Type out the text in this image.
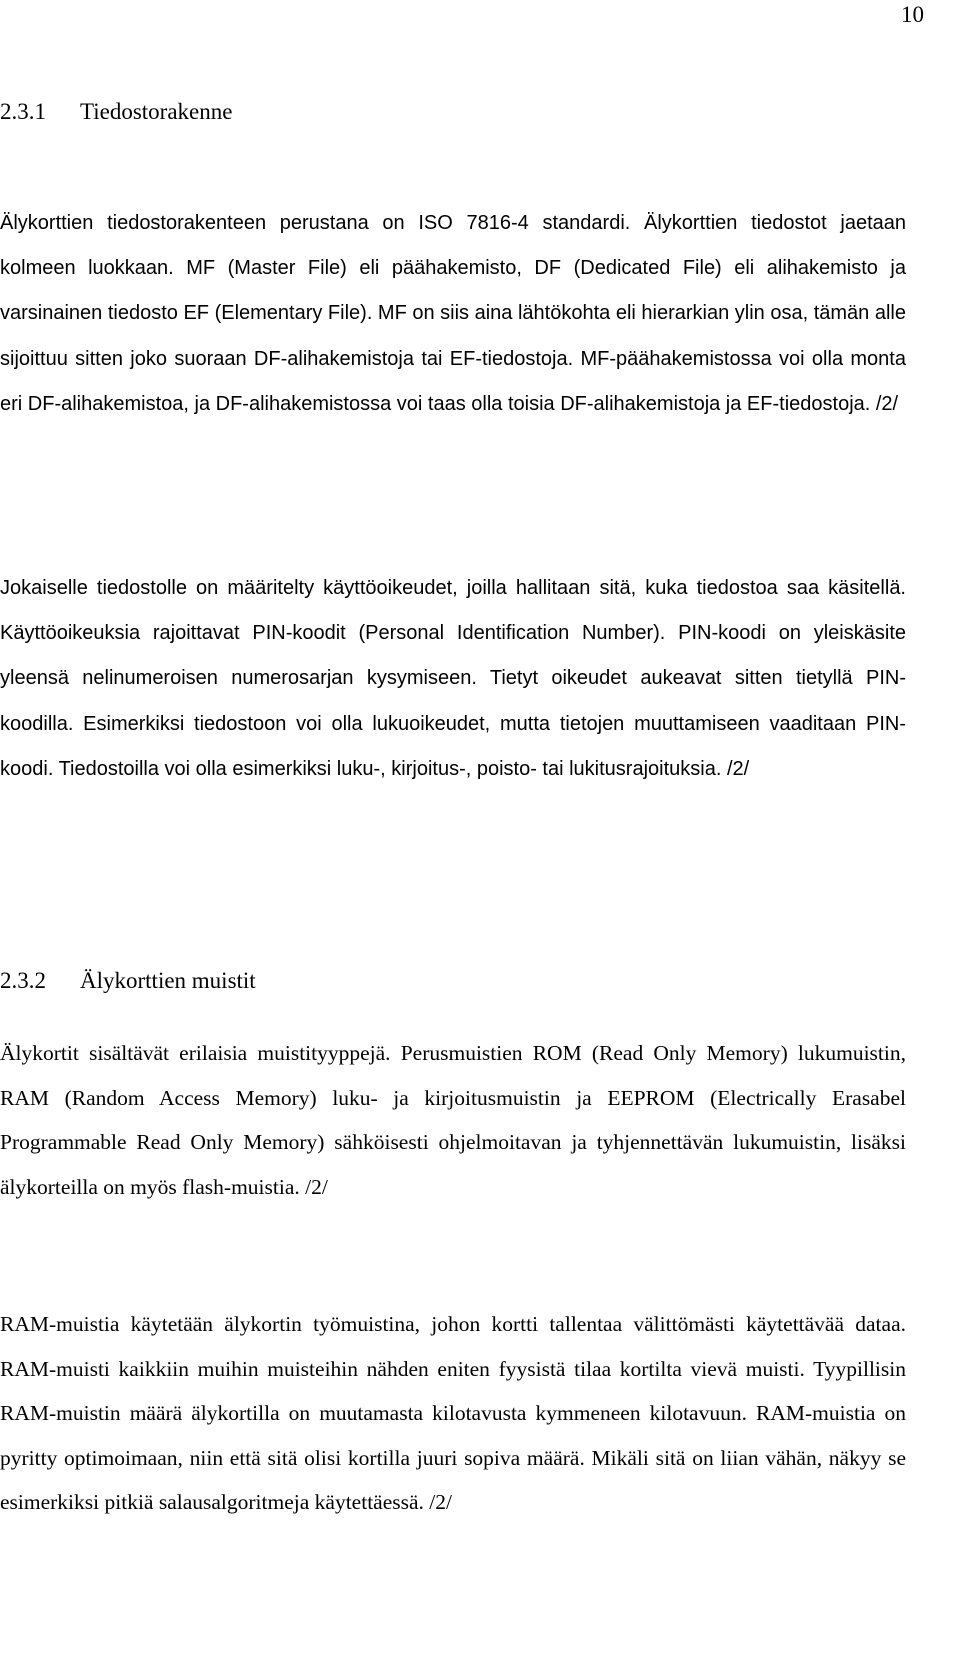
10

2.3.1 Tiedostorakenne

Älykorttien tiedostorakenteen perustana on ISO 7816-4 standardi. Älykorttien tiedostot jaetaan kolmeen luokkaan. MF (Master File) eli päähakemisto, DF (Dedicated File) eli alihakemisto ja varsinainen tiedosto EF (Elementary File). MF on siis aina lähtökohta eli hierarkian ylin osa, tämän alle sijoittuu sitten joko suoraan DF-alihakemistoja tai EF-tiedostoja. MF-päähakemistossa voi olla monta eri DF-alihakemistoa, ja DF-alihakemistossa voi taas olla toisia DF-alihakemistoja ja EF-tiedostoja. /2/

Jokaiselle tiedostolle on määritelty käyttöoikeudet, joilla hallitaan sitä, kuka tiedostoa saa käsitellä. Käyttöoikeuksia rajoittavat PIN-koodit (Personal Identification Number). PIN-koodi on yleiskäsite yleensä nelinumeroisen numerosarjan kysymiseen. Tietyt oikeudet aukeavat sitten tietyllä PIN-koodilla. Esimerkiksi tiedostoon voi olla lukuoikeudet, mutta tietojen muuttamiseen vaaditaan PIN-koodi. Tiedostoilla voi olla esimerkiksi luku-, kirjoitus-, poisto- tai lukitusrajoituksia. /2/

2.3.2 Älykorttien muistit

Älykortit sisältävät erilaisia muistityyppejä. Perusmuistien ROM (Read Only Memory) lukumuistin, RAM (Random Access Memory) luku- ja kirjoitusmuistin ja EEPROM (Electrically Erasabel Programmable Read Only Memory) sähköisesti ohjelmoitavan ja tyhjennettävän lukumuistin, lisäksi älykorteilla on myös flash-muistia. /2/

RAM-muistia käytetään älykortin työmuistina, johon kortti tallentaa välittömästi käytettävää dataa. RAM-muisti kaikkiin muihin muisteihin nähden eniten fyysistä tilaa kortilta vievä muisti. Tyypillisin RAM-muistin määrä älykortilla on muutamasta kilotavusta kymmeneen kilotavuun. RAM-muistia on pyritty optimoimaan, niin että sitä olisi kortilla juuri sopiva määrä. Mikäli sitä on liian vähän, näkyy se esimerkiksi pitkiä salausalgoritmeja käytettäessä. /2/
